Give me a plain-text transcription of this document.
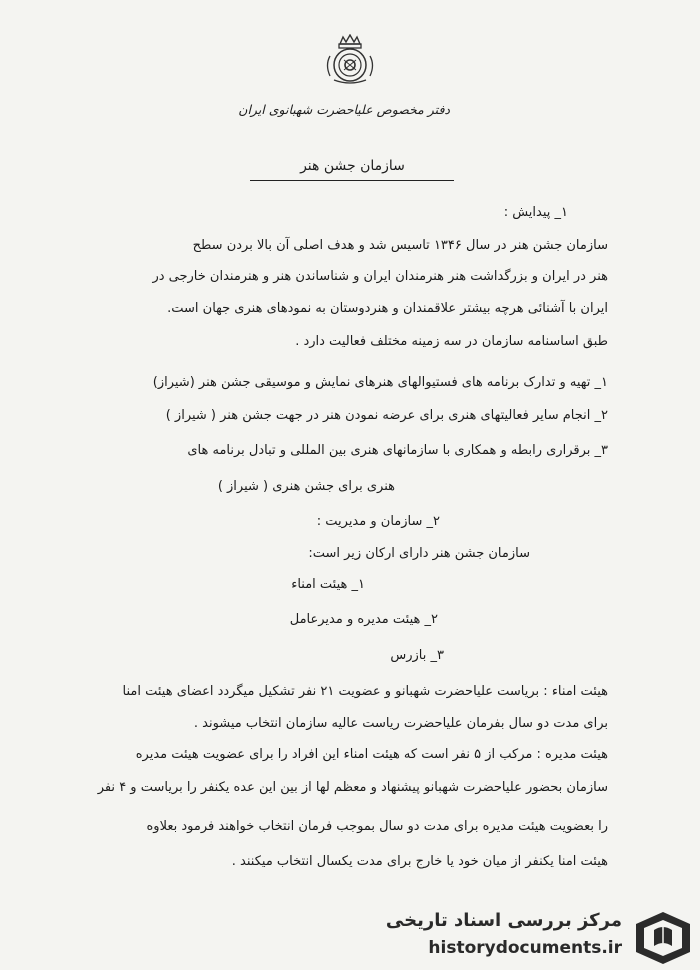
دفتر مخصوص علیاحضرت شهبانوی ایران
سازمان جشن هنر
۱_ پیدایش :
سازمان جشن هنر در سال ۱۳۴۶ تاسیس شد و هدف اصلی آن بالا بردن سطح
هنر در ایران و بزرگداشت هنر هنرمندان ایران و شناساندن هنر و هنرمندان خارجی در
ایران با آشنائی هرچه بیشتر علاقمندان و هنردوستان به نمودهای هنری جهان است.
طبق اساسنامه سازمان در سه زمینه مختلف فعالیت دارد .
۱_ تهیه و تدارک برنامه های فستیوالهای هنرهای نمایش و موسیقی جشن هنر (شیراز)
۲_ انجام سایر فعالیتهای هنری برای عرضه نمودن هنر در جهت جشن هنر ( شیراز )
۳_ برقراری رابطه و همکاری با سازمانهای هنری بین المللی و تبادل برنامه های
هنری برای جشن هنری ( شیراز )
۲_ سازمان و مدیریت :
سازمان جشن هنر دارای ارکان زیر است:
۱_ هیئت امناء
۲_ هیئت مدیره و مدیرعامل
۳_ بازرس
هیئت امناء : بریاست علیاحضرت شهبانو و عضویت ۲۱ نفر تشکیل میگردد اعضای هیئت امنا
برای مدت دو سال بفرمان علیاحضرت ریاست عالیه سازمان انتخاب میشوند .
هیئت مدیره : مرکب از ۵ نفر است که هیئت امناء این افراد را برای عضویت هیئت مدیره
سازمان بحضور علیاحضرت شهبانو پیشنهاد و معظم لها از بین این عده یکنفر را بریاست و ۴ نفر
را بعضویت هیئت مدیره برای مدت دو سال بموجب فرمان انتخاب خواهند فرمود بعلاوه
هیئت امنا یکنفر از میان خود یا خارج برای مدت یکسال انتخاب میکنند .
مرکز بررسی اسناد تاریخی
historydocuments.ir
